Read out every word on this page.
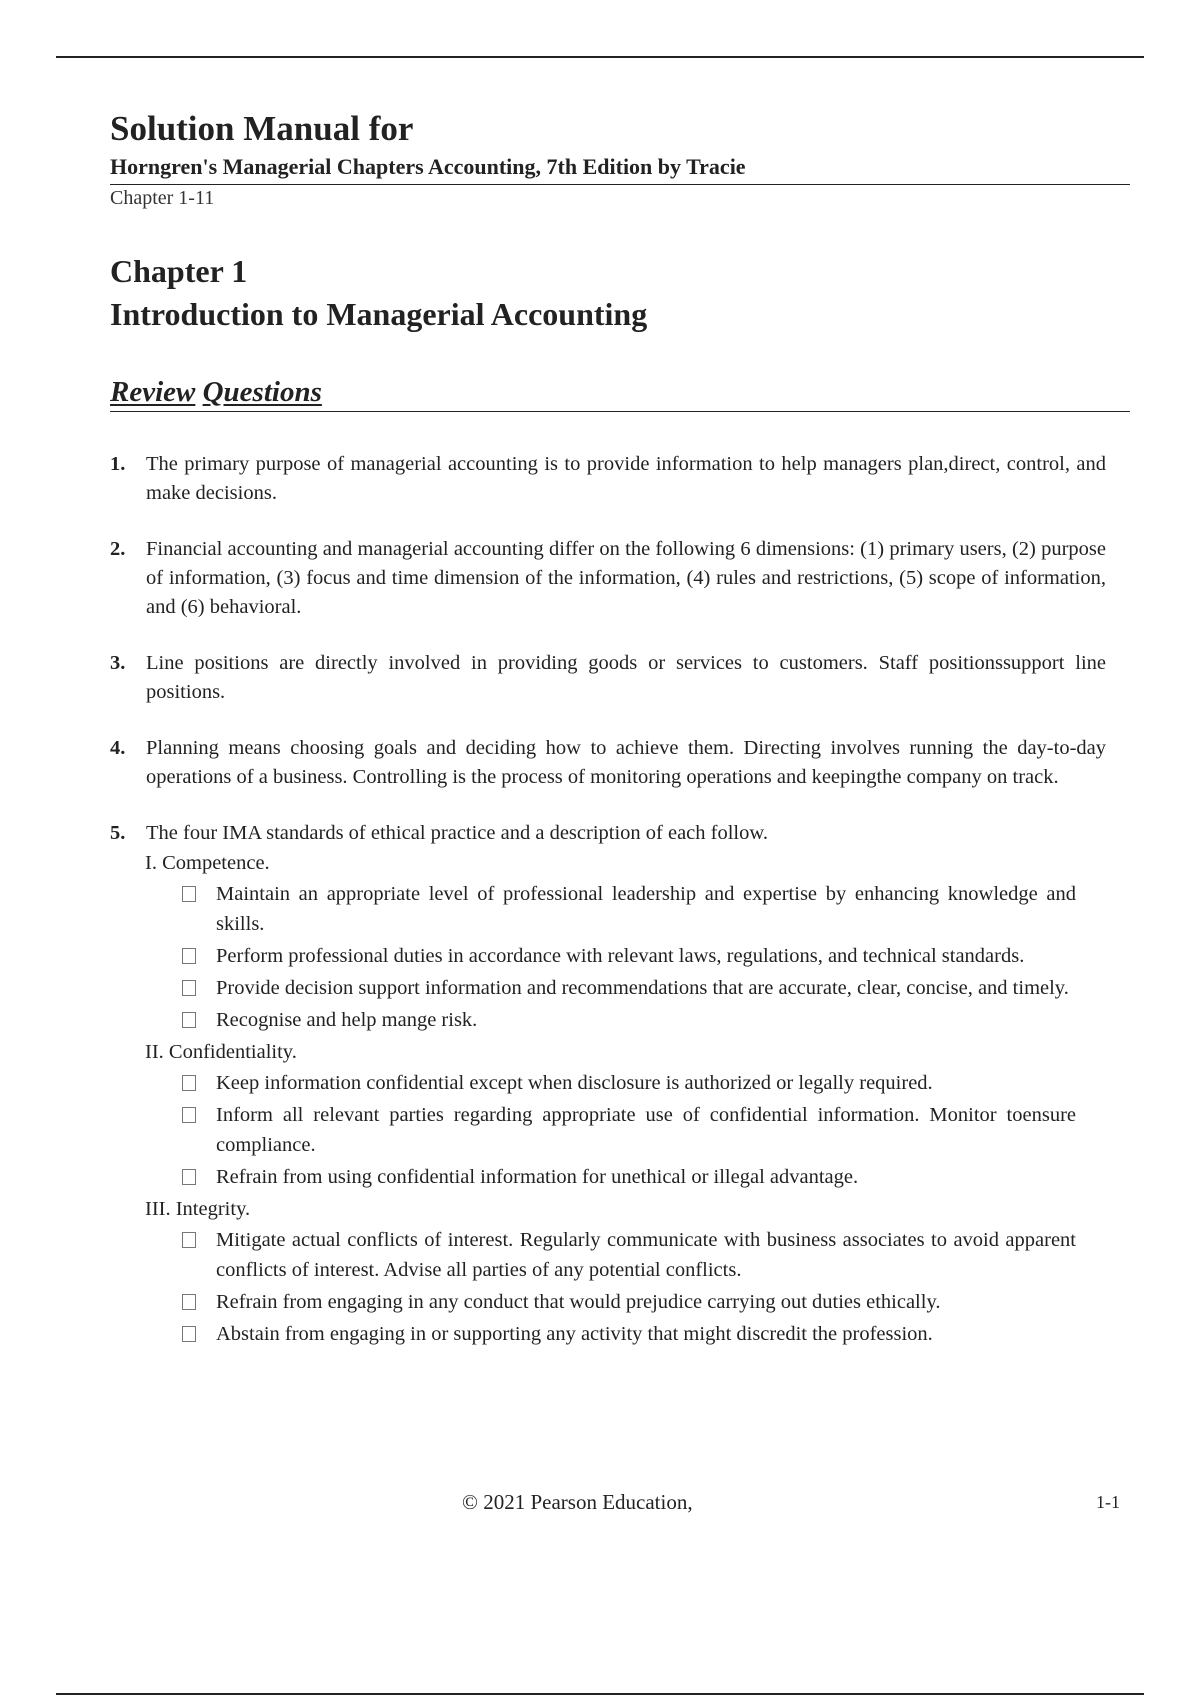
Solution Manual for
Horngren's Managerial Chapters Accounting, 7th Edition by Tracie
Chapter 1-11
Chapter 1
Introduction to Managerial Accounting
Review Questions
1.	The primary purpose of managerial accounting is to provide information to help managers plan,direct, control, and make decisions.
2.	Financial accounting and managerial accounting differ on the following 6 dimensions: (1) primary users, (2) purpose of information, (3) focus and time dimension of the information, (4) rules and restrictions, (5) scope of information, and (6) behavioral.
3.	Line positions are directly involved in providing goods or services to customers. Staff positionssupport line positions.
4.	Planning means choosing goals and deciding how to achieve them. Directing involves running the day-to-day operations of a business. Controlling is the process of monitoring operations and keepingthe company on track.
5.	The four IMA standards of ethical practice and a description of each follow.
I. Competence.
Maintain an appropriate level of professional leadership and expertise by enhancing knowledge and skills.
Perform professional duties in accordance with relevant laws, regulations, and technical standards.
Provide decision support information and recommendations that are accurate, clear, concise, and timely.
Recognise and help mange risk.
II. Confidentiality.
Keep information confidential except when disclosure is authorized or legally required.
Inform all relevant parties regarding appropriate use of confidential information. Monitor toensure compliance.
Refrain from using confidential information for unethical or illegal advantage.
III. Integrity.
Mitigate actual conflicts of interest. Regularly communicate with business associates to avoid apparent conflicts of interest. Advise all parties of any potential conflicts.
Refrain from engaging in any conduct that would prejudice carrying out duties ethically.
Abstain from engaging in or supporting any activity that might discredit the profession.
© 2021 Pearson Education,	1-1
